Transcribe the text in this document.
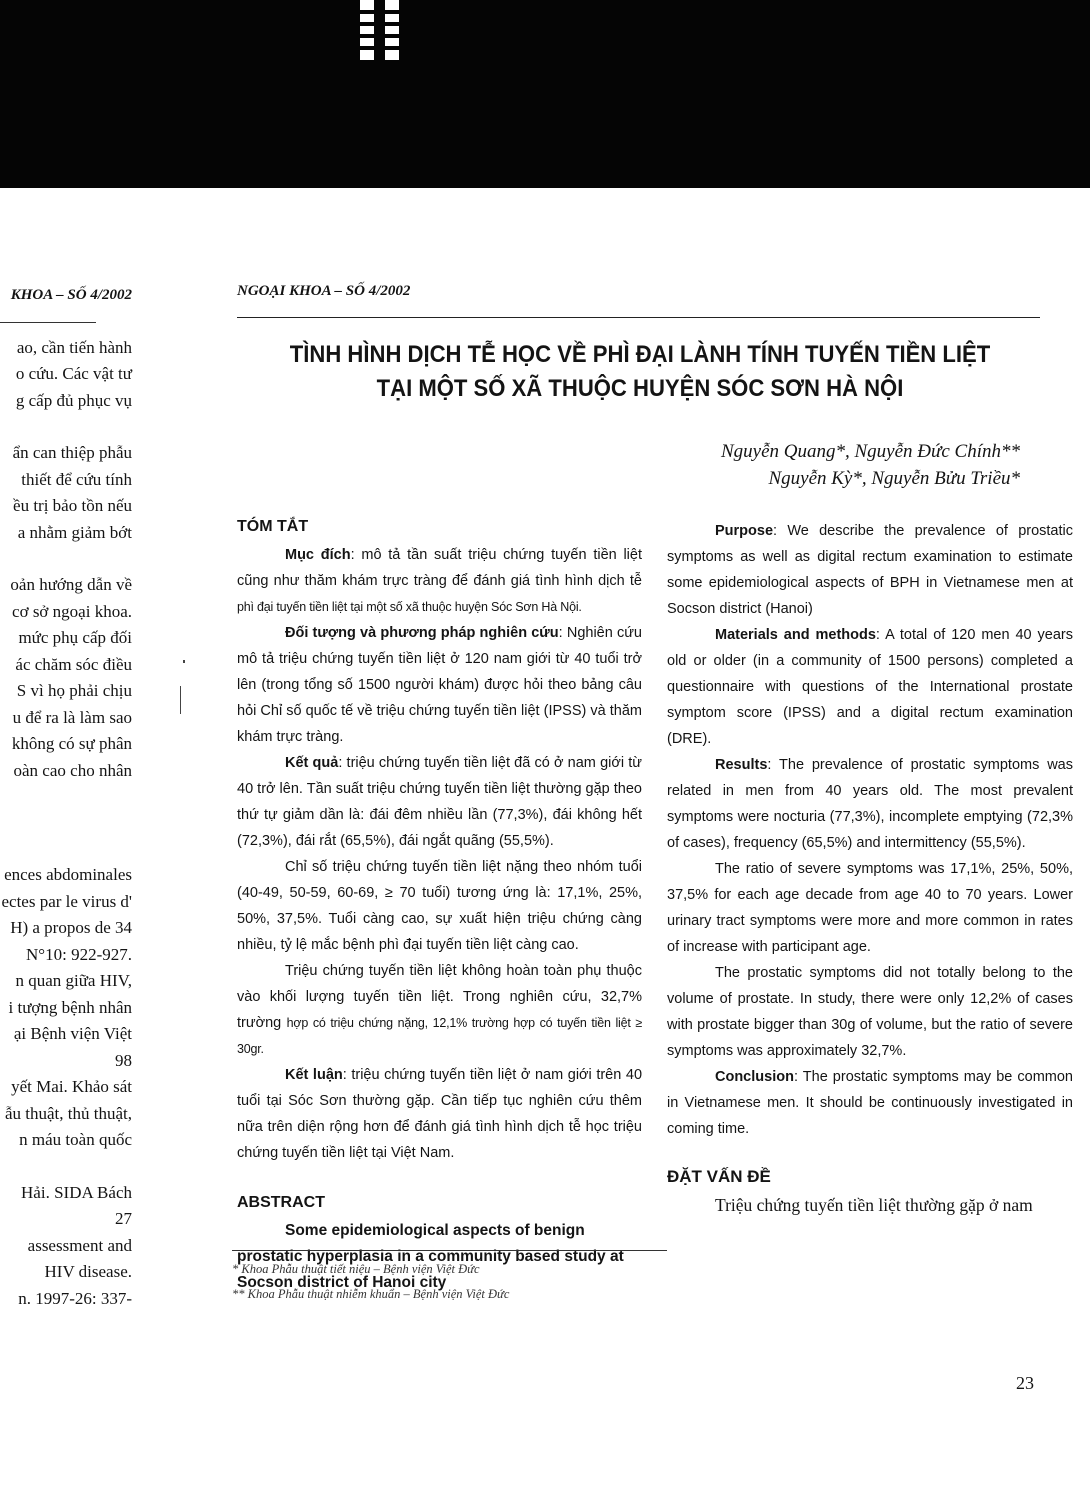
KHOA – SỐ 4/2002

ao, cần tiến hành

o cứu. Các vật tư

g cấp đủ phục vụ

ẩn can thiệp phẫu

thiết để cứu tính

ều trị bảo tồn nếu

a nhằm giảm bớt

oản hướng dẫn về

cơ sở ngoại khoa.

mức phụ cấp đối

ác chăm sóc điều

S vì họ phải chịu

u để ra là làm sao

không có sự phân

oàn cao cho nhân

ences abdominales

ectes par le virus d'

H) a propos de 34

N°10: 922-927.

n quan giữa HIV,

i tượng bệnh nhân

ại Bệnh viện Việt

98

yết Mai. Khảo sát

ẫu thuật, thủ thuật,

n máu toàn quốc

Hải. SIDA Bách

27

assessment and

HIV disease.

n. 1997-26: 337-

NGOẠI KHOA – SỐ 4/2002
TÌNH HÌNH DỊCH TỄ HỌC VỀ PHÌ ĐẠI LÀNH TÍNH TUYẾN TIỀN LIỆT
TẠI MỘT SỐ XÃ THUỘC HUYỆN SÓC SƠN HÀ NỘI
Nguyễn Quang*, Nguyễn Đức Chính**
Nguyễn Kỳ*, Nguyễn Bửu Triều*

TÓM TẮT

Mục đích: mô tả tần suất triệu chứng tuyến tiền liệt cũng như thăm khám trực tràng để đánh giá tình hình dịch tễ phì đại tuyến tiền liệt tại một số xã thuộc huyện Sóc Sơn Hà Nội.

Đối tượng và phương pháp nghiên cứu: Nghiên cứu mô tả triệu chứng tuyến tiền liệt ở 120 nam giới từ 40 tuổi trở lên (trong tổng số 1500 người khám) được hỏi theo bảng câu hỏi Chỉ số quốc tế về triệu chứng tuyến tiền liệt (IPSS) và thăm khám trực tràng.

Kết quả: triệu chứng tuyến tiền liệt đã có ở nam giới từ 40 trở lên. Tần suất triệu chứng tuyến tiền liệt thường gặp theo thứ tự giảm dần là: đái đêm nhiều lần (77,3%), đái không hết (72,3%), đái rắt (65,5%), đái ngắt quãng (55,5%).

Chỉ số triệu chứng tuyến tiền liệt nặng theo nhóm tuổi (40-49, 50-59, 60-69, ≥ 70 tuổi) tương ứng là: 17,1%, 25%, 50%, 37,5%. Tuổi càng cao, sự xuất hiện triệu chứng càng nhiều, tỷ lệ mắc bệnh phì đại tuyến tiền liệt càng cao.

Triệu chứng tuyến tiền liệt không hoàn toàn phụ thuộc vào khối lượng tuyến tiền liệt. Trong nghiên cứu, 32,7% trường hợp có triệu chứng nặng, 12,1% trường hợp có tuyến tiền liệt ≥ 30gr.

Kết luận: triệu chứng tuyến tiền liệt ở nam giới trên 40 tuổi tại Sóc Sơn thường gặp. Cần tiếp tục nghiên cứu thêm nữa trên diện rộng hơn để đánh giá tình hình dịch tễ học triệu chứng tuyến tiền liệt tại Việt Nam.

ABSTRACT

Some epidemiological aspects of benign
prostatic hyperplasia in a community based study at
Socson district of Hanoi city

Purpose: We describe the prevalence of prostatic symptoms as well as digital rectum examination to estimate some epidemiological aspects of BPH in Vietnamese men at Socson district (Hanoi)

Materials and methods: A total of 120 men 40 years old or older (in a community of 1500 persons) completed a questionnaire with questions of the International prostate symptom score (IPSS) and a digital rectum examination (DRE).

Results: The prevalence of prostatic symptoms was related in men from 40 years old. The most prevalent symptoms were nocturia (77,3%), incomplete emptying (72,3% of cases), frequency (65,5%) and intermittency (55,5%).

The ratio of severe symptoms was 17,1%, 25%, 50%, 37,5% for each age decade from age 40 to 70 years. Lower urinary tract symptoms were more and more common in rates of increase with participant age.

The prostatic symptoms did not totally belong to the volume of prostate. In study, there were only 12,2% of cases with prostate bigger than 30g of volume, but the ratio of severe symptoms was approximately 32,7%.

Conclusion: The prostatic symptoms may be common in Vietnamese men. It should be continuously investigated in coming time.

ĐẶT VẤN ĐỀ

Triệu chứng tuyến tiền liệt thường gặp ở nam

* Khoa Phẫu thuật tiết niệu – Bệnh viện Việt Đức

** Khoa Phẫu thuật nhiễm khuẩn – Bệnh viện Việt Đức

23
